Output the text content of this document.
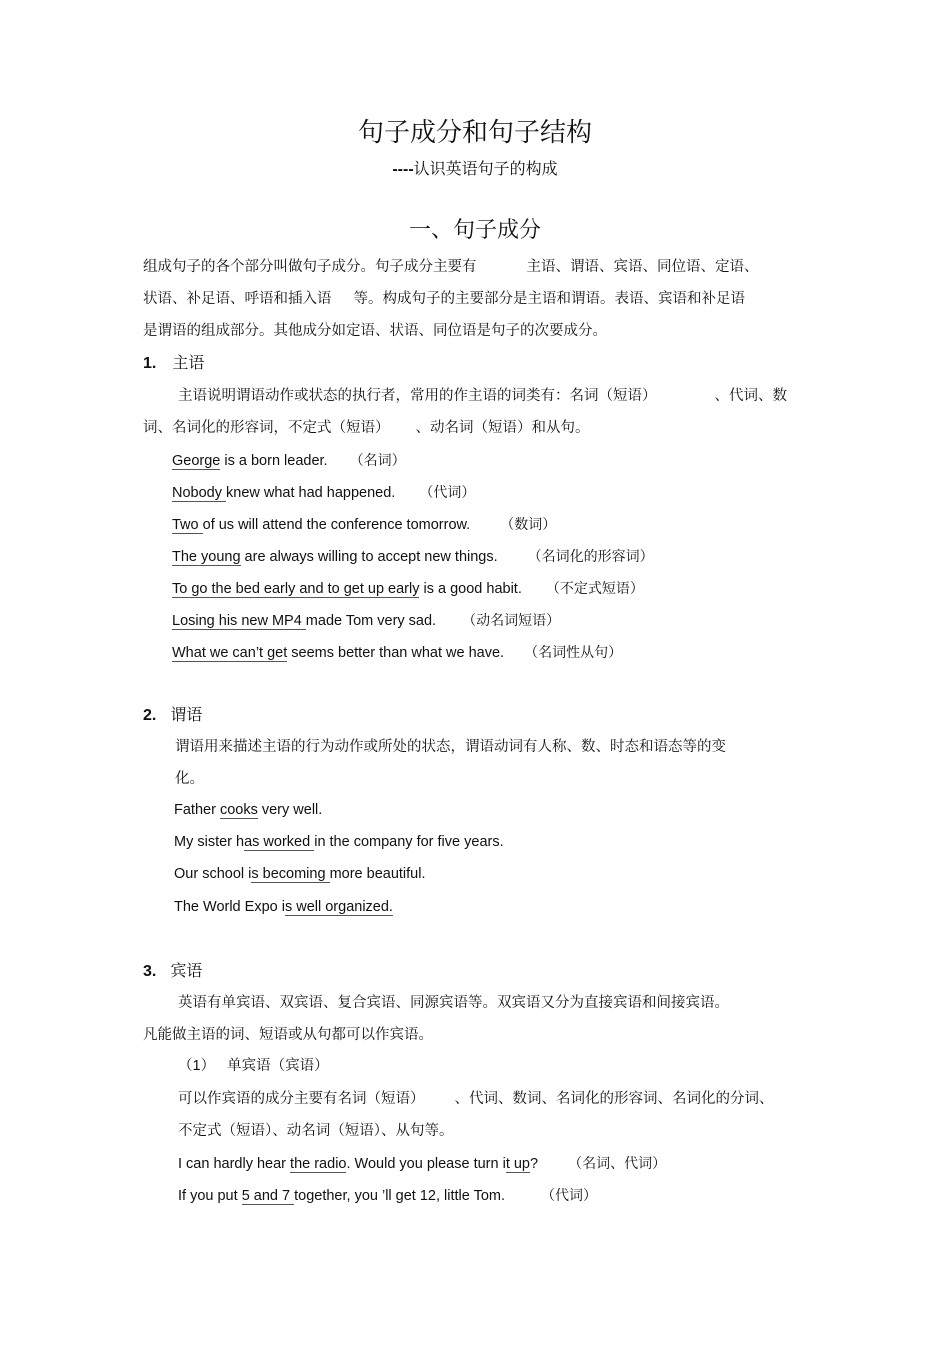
句子成分和句子结构
----认识英语句子的构成
一、句子成分
组成句子的各个部分叫做句子成分。句子成分主要有	主语、谓语、宾语、同位语、定语、
状语、补足语、呼语和插入语 等。构成句子的主要部分是主语和谓语。表语、宾语和补足语
是谓语的组成部分。其他成分如定语、状语、同位语是句子的次要成分。
1. 主语
主语说明谓语动作或状态的执行者，常用的作主语的词类有：名词（短语）	、代词、数
词、名词化的形容词，不定式（短语） 、动名词（短语）和从句。
George is a born leader. （名词）
Nobody knew what had happened. （代词）
Two of us will attend the conference tomorrow. （数词）
The young are always willing to accept new things. （名词化的形容词）
To go the bed early and to get up early is a good habit. （不定式短语）
Losing his new MP4 made Tom very sad. （动名词短语）
What we can’t get seems better than what we have. （名词性从句）
2. 谓语
谓语用来描述主语的行为动作或所处的状态，谓语动词有人称、数、时态和语态等的变
化。
Father cooks very well.
My sister has worked in the company for five years.
Our school is becoming more beautiful.
The World Expo is well organized.
3. 宾语
英语有单宾语、双宾语、复合宾语、同源宾语等。双宾语又分为直接宾语和间接宾语。
凡能做主语的词、短语或从句都可以作宾语。
（1） 单宾语（宾语）
可以作宾语的成分主要有名词（短语） 、代词、数词、名词化的形容词、名词化的分词、
不定式（短语）、动名词（短语）、从句等。
I can hardly hear the radio. Would you please turn it up? （名词、代词）
If you put 5 and 7 together, you ’ll get 12, little Tom.	（代词）
